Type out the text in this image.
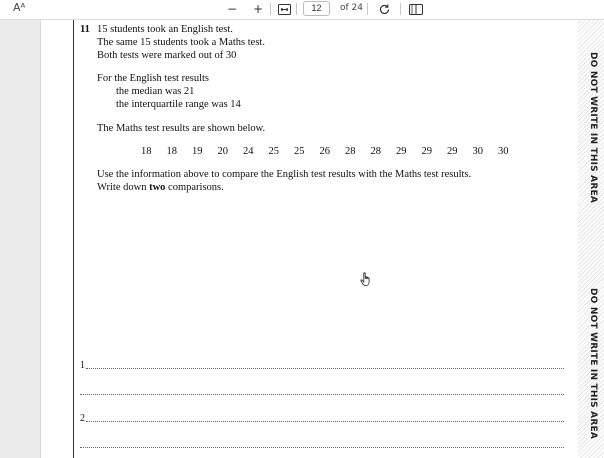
Aᴬ	− +
12	of 24
DO NOT WRITE IN THIS AREA
DO NOT WRITE IN THIS AREA
11 15 students took an English test.
The same 15 students took a Maths test.
Both tests were marked out of 30
For the English test results
the median was 21
the interquartile range was 14
The Maths test results are shown below.
18 18 19 20 24 25 25 26 28 28 29 29 29 30 30
Use the information above to compare the English test results with the Maths test results.
Write down two comparisons.
1
2
